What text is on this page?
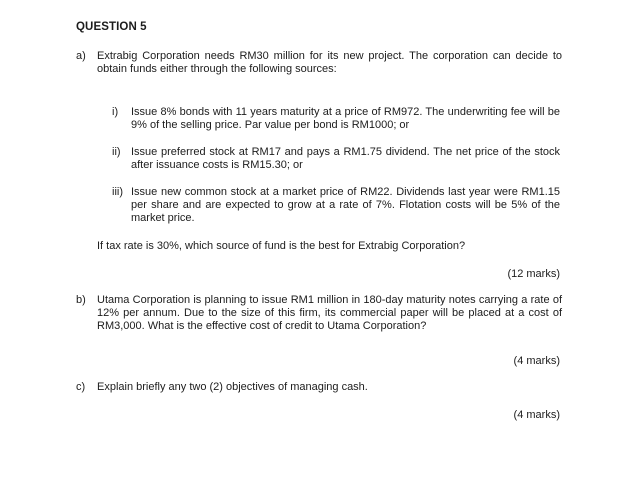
QUESTION 5
a) Extrabig Corporation needs RM30 million for its new project. The corporation can decide to obtain funds either through the following sources:
i) Issue 8% bonds with 11 years maturity at a price of RM972. The underwriting fee will be 9% of the selling price. Par value per bond is RM1000; or
ii) Issue preferred stock at RM17 and pays a RM1.75 dividend. The net price of the stock after issuance costs is RM15.30; or
iii) Issue new common stock at a market price of RM22. Dividends last year were RM1.15 per share and are expected to grow at a rate of 7%. Flotation costs will be 5% of the market price.
If tax rate is 30%, which source of fund is the best for Extrabig Corporation?
(12 marks)
b) Utama Corporation is planning to issue RM1 million in 180-day maturity notes carrying a rate of 12% per annum. Due to the size of this firm, its commercial paper will be placed at a cost of RM3,000. What is the effective cost of credit to Utama Corporation?
(4 marks)
c) Explain briefly any two (2) objectives of managing cash.
(4 marks)
